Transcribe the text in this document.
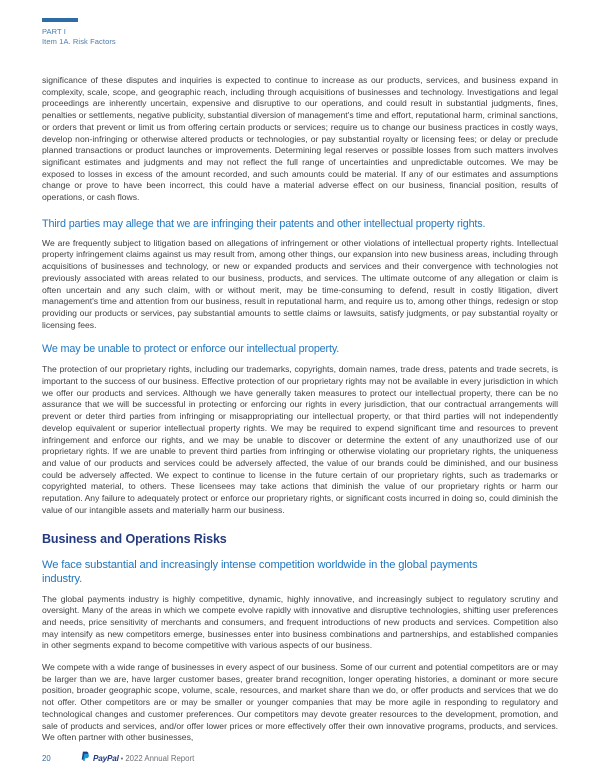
PART I
Item 1A. Risk Factors

significance of these disputes and inquiries is expected to continue to increase as our products, services, and business expand in complexity, scale, scope, and geographic reach, including through acquisitions of businesses and technology. Investigations and legal proceedings are inherently uncertain, expensive and disruptive to our operations, and could result in substantial judgments, fines, penalties or settlements, negative publicity, substantial diversion of management's time and effort, reputational harm, criminal sanctions, or orders that prevent or limit us from offering certain products or services; require us to change our business practices in costly ways, develop non-infringing or otherwise altered products or technologies, or pay substantial royalty or licensing fees; or delay or preclude planned transactions or product launches or improvements. Determining legal reserves or possible losses from such matters involves significant estimates and judgments and may not reflect the full range of uncertainties and unpredictable outcomes. We may be exposed to losses in excess of the amount recorded, and such amounts could be material. If any of our estimates and assumptions change or prove to have been incorrect, this could have a material adverse effect on our business, financial position, results of operations, or cash flows.

Third parties may allege that we are infringing their patents and other intellectual property rights.

We are frequently subject to litigation based on allegations of infringement or other violations of intellectual property rights. Intellectual property infringement claims against us may result from, among other things, our expansion into new business areas, including through acquisitions of businesses and technology, or new or expanded products and services and their convergence with technologies not previously associated with areas related to our business, products, and services. The ultimate outcome of any allegation or claim is often uncertain and any such claim, with or without merit, may be time-consuming to defend, result in costly litigation, divert management's time and attention from our business, result in reputational harm, and require us to, among other things, redesign or stop providing our products or services, pay substantial amounts to settle claims or lawsuits, satisfy judgments, or pay substantial royalty or licensing fees.

We may be unable to protect or enforce our intellectual property.

The protection of our proprietary rights, including our trademarks, copyrights, domain names, trade dress, patents and trade secrets, is important to the success of our business. Effective protection of our proprietary rights may not be available in every jurisdiction in which we offer our products and services. Although we have generally taken measures to protect our intellectual property, there can be no assurance that we will be successful in protecting or enforcing our rights in every jurisdiction, that our contractual arrangements will prevent or deter third parties from infringing or misappropriating our intellectual property, or that third parties will not independently develop equivalent or superior intellectual property rights. We may be required to expend significant time and resources to prevent infringement and enforce our rights, and we may be unable to discover or determine the extent of any unauthorized use of our proprietary rights. If we are unable to prevent third parties from infringing or otherwise violating our proprietary rights, the uniqueness and value of our products and services could be adversely affected, the value of our brands could be diminished, and our business could be adversely affected. We expect to continue to license in the future certain of our proprietary rights, such as trademarks or copyrighted material, to others. These licensees may take actions that diminish the value of our proprietary rights or harm our reputation. Any failure to adequately protect or enforce our proprietary rights, or significant costs incurred in doing so, could diminish the value of our intangible assets and materially harm our business.

Business and Operations Risks
We face substantial and increasingly intense competition worldwide in the global payments industry.

The global payments industry is highly competitive, dynamic, highly innovative, and increasingly subject to regulatory scrutiny and oversight. Many of the areas in which we compete evolve rapidly with innovative and disruptive technologies, shifting user preferences and needs, price sensitivity of merchants and consumers, and frequent introductions of new products and services. Competition also may intensify as new competitors emerge, businesses enter into business combinations and partnerships, and established companies in other segments expand to become competitive with various aspects of our business.

We compete with a wide range of businesses in every aspect of our business. Some of our current and potential competitors are or may be larger than we are, have larger customer bases, greater brand recognition, longer operating histories, a dominant or more secure position, broader geographic scope, volume, scale, resources, and market share than we do, or offer products and services that we do not offer. Other competitors are or may be smaller or younger companies that may be more agile in responding to regulatory and technological changes and customer preferences. Our competitors may devote greater resources to the development, promotion, and sale of products and services, and/or offer lower prices or more effectively offer their own innovative programs, products, and services. We often partner with other businesses,

20	PayPal • 2022 Annual Report
